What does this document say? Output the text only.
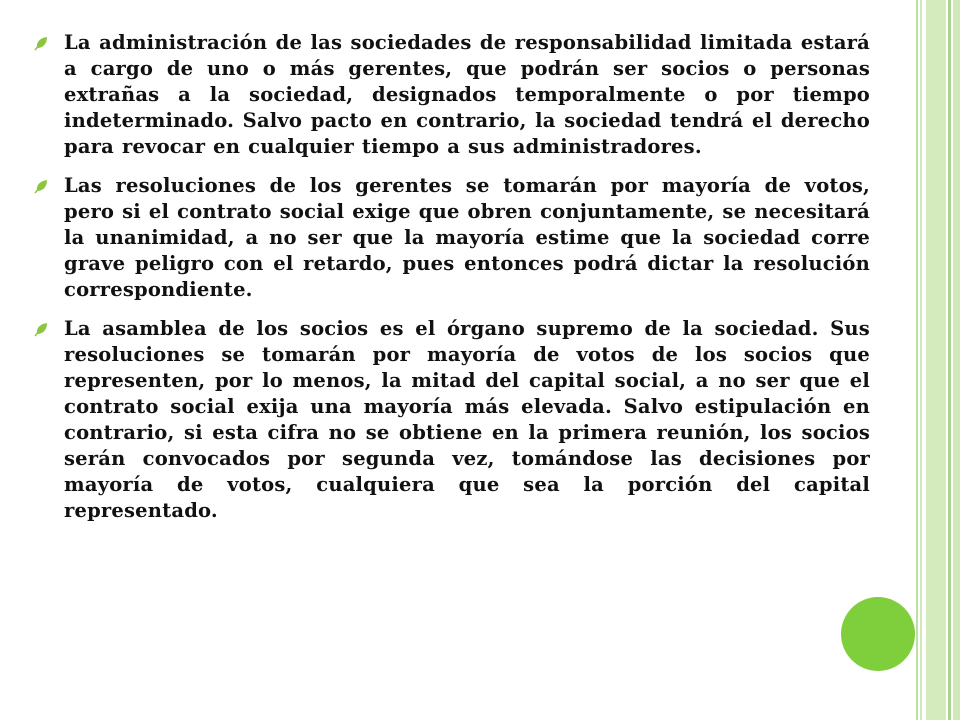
La administración de las sociedades de responsabilidad limitada estará a cargo de uno o más gerentes, que podrán ser socios o personas extrañas a la sociedad, designados temporalmente o por tiempo indeterminado. Salvo pacto en contrario, la sociedad tendrá el derecho para revocar en cualquier tiempo a sus administradores.
Las resoluciones de los gerentes se tomarán por mayoría de votos, pero si el contrato social exige que obren conjuntamente, se necesitará la unanimidad, a no ser que la mayoría estime que la sociedad corre grave peligro con el retardo, pues entonces podrá dictar la resolución correspondiente.
La asamblea de los socios es el órgano supremo de la sociedad. Sus resoluciones se tomarán por mayoría de votos de los socios que representen, por lo menos, la mitad del capital social, a no ser que el contrato social exija una mayoría más elevada. Salvo estipulación en contrario, si esta cifra no se obtiene en la primera reunión, los socios serán convocados por segunda vez, tomándose las decisiones por mayoría de votos, cualquiera que sea la porción del capital representado.
